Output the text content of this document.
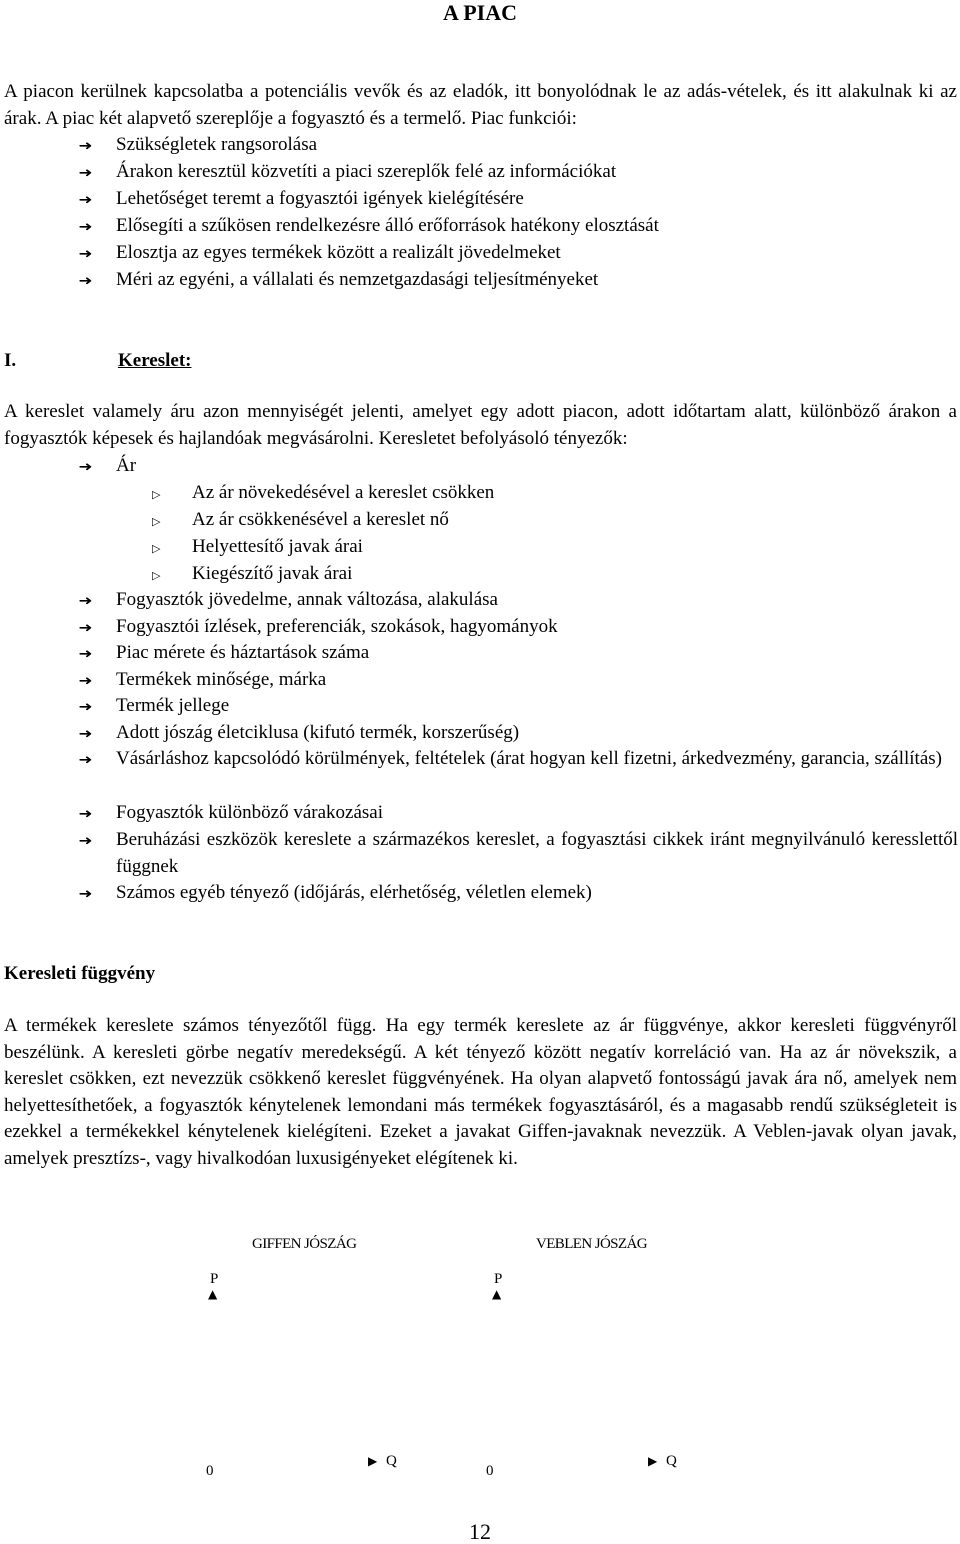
A PIAC

A piacon kerülnek kapcsolatba a potenciális vevők és az eladók, itt bonyolódnak le az adás-vételek, és itt alakulnak ki az árak. A piac két alapvető szereplője a fogyasztó és a termelő. Piac funkciói:

➜	Szükségletek rangsorolása
➜	Árakon keresztül közvetíti a piaci szereplők felé az információkat
➜	Lehetőséget teremt a fogyasztói igények kielégítésére
➜	Elősegíti a szűkösen rendelkezésre álló erőforrások hatékony elosztását
➜	Elosztja az egyes termékek között a realizált jövedelmeket
➜	Méri az egyéni, a vállalati és nemzetgazdasági teljesítményeket
I.	Kereslet:

A kereslet valamely áru azon mennyiségét jelenti, amelyet egy adott piacon, adott időtartam alatt, különböző árakon a fogyasztók képesek és hajlandóak megvásárolni. Keresletet befolyásoló tényezők:

➜	Ár
▷	Az ár növekedésével a kereslet csökken
▷	Az ár csökkenésével a kereslet nő
▷	Helyettesítő javak árai
▷	Kiegészítő javak árai
➜	Fogyasztók jövedelme, annak változása, alakulása
➜	Fogyasztói ízlések, preferenciák, szokások, hagyományok
➜	Piac mérete és háztartások száma
➜	Termékek minősége, márka
➜	Termék jellege
➜	Adott jószág életciklusa (kifutó termék, korszerűség)
➜	Vásárláshoz kapcsolódó körülmények, feltételek (árat hogyan kell fizetni, árkedvezmény, garancia, szállítás)
➜	Fogyasztók különböző várakozásai
➜	Beruházási eszközök kereslete a származékos kereslet, a fogyasztási cikkek iránt megnyilvánuló keresslettől függnek
➜	Számos egyéb tényező (időjárás, elérhetőség, véletlen elemek)
Keresleti függvény

A termékek kereslete számos tényezőtől függ. Ha egy termék kereslete az ár függvénye, akkor keresleti függvényről beszélünk. A keresleti görbe negatív meredekségű. A két tényező között negatív korreláció van. Ha az ár növekszik, a kereslet csökken, ezt nevezzük csökkenő kereslet függvényének. Ha olyan alapvető fontosságú javak ára nő, amelyek nem helyettesíthetőek, a fogyasztók kénytelenek lemondani más termékek fogyasztásáról, és a magasabb rendű szükségleteit is ezekkel a termékekkel kénytelenek kielégíteni. Ezeket a javakat Giffen-javaknak nevezzük. A Veblen-javak olyan javak, amelyek presztízs-, vagy hivalkodóan luxusigényeket elégítenek ki.

GIFFEN JÓSZÁG
P
▲
0
▶ Q
VEBLEN JÓSZÁG
P
▲
0
▶ Q
12
